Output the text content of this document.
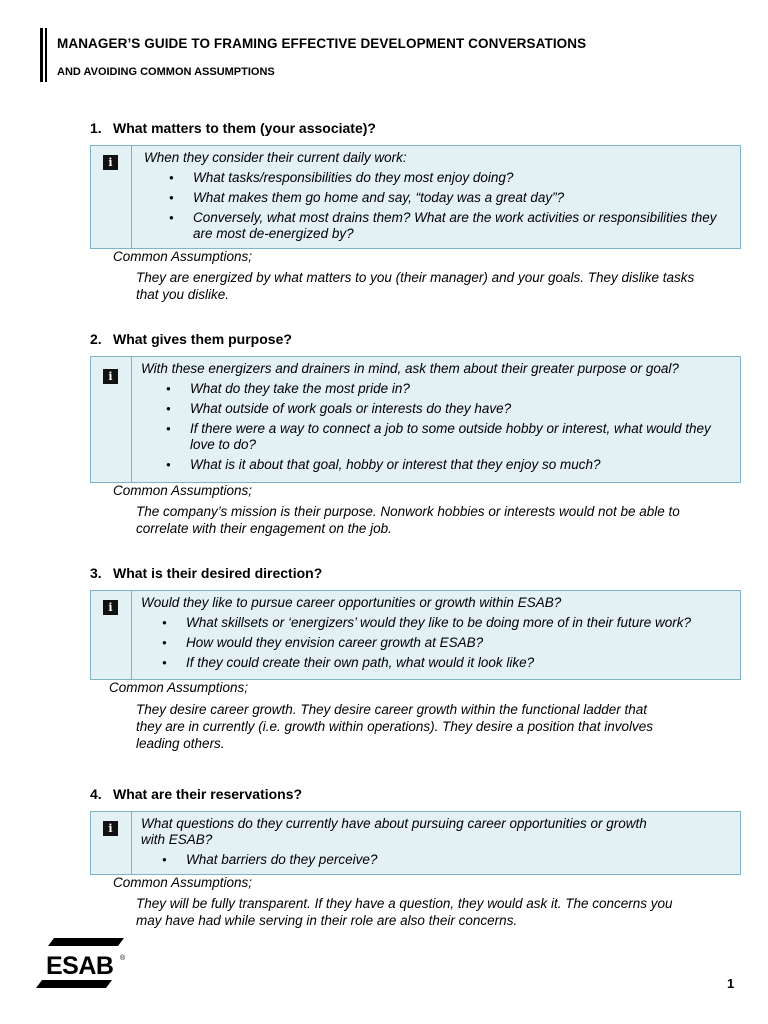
MANAGER’S GUIDE TO FRAMING EFFECTIVE DEVELOPMENT CONVERSATIONS
AND AVOIDING COMMON ASSUMPTIONS
1. What matters to them (your associate)?
i	When they consider their current daily work:
● What tasks/responsibilities do they most enjoy doing?
● What makes them go home and say, “today was a great day”?
● Conversely, what most drains them? What are the work activities or responsibilities they are most de-energized by?
Common Assumptions;
They are energized by what matters to you (their manager) and your goals. They dislike tasks that you dislike.
2. What gives them purpose?
i
With these energizers and drainers in mind, ask them about their greater purpose or goal?
● What do they take the most pride in?
● What outside of work goals or interests do they have?
● If there were a way to connect a job to some outside hobby or interest, what would they love to do?
● What is it about that goal, hobby or interest that they enjoy so much?
Common Assumptions;
The company’s mission is their purpose. Nonwork hobbies or interests would not be able to correlate with their engagement on the job.
3. What is their desired direction?
i	Would they like to pursue career opportunities or growth within ESAB?
● What skillsets or ‘energizers’ would they like to be doing more of in their future work?
● How would they envision career growth at ESAB?
● If they could create their own path, what would it look like?
Common Assumptions;
They desire career growth. They desire career growth within the functional ladder that they are in currently (i.e. growth within operations). They desire a position that involves leading others.
4. What are their reservations?
i	What questions do they currently have about pursuing career opportunities or growth with ESAB?
● What barriers do they perceive?
Common Assumptions;
They will be fully transparent. If they have a question, they would ask it. The concerns you may have had while serving in their role are also their concerns.
ESAB ®
1
